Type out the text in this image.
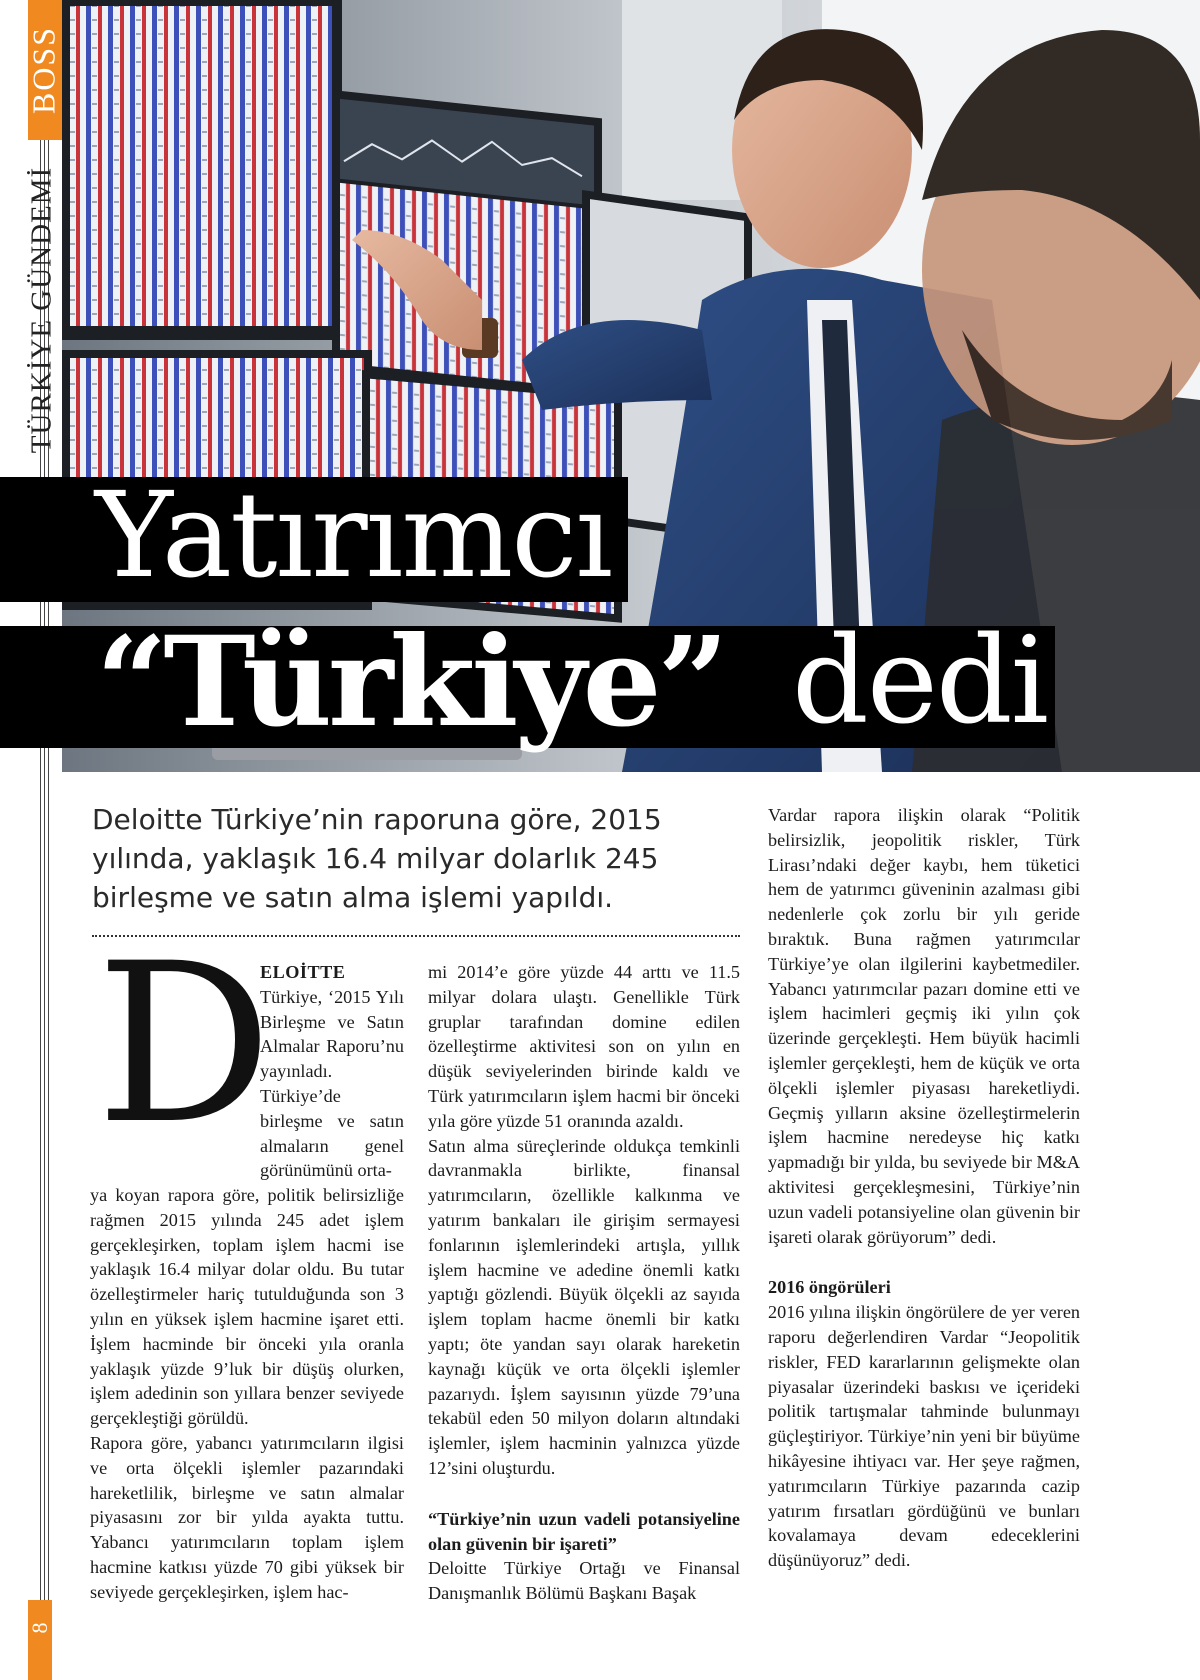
BOSS
TÜRKİYE GÜNDEMİ
8
Yatırımcı
“Türkiye” dedi
Deloitte Türkiye’nin raporuna göre, 2015 yılında, yaklaşık 16.4 milyar dolarlık 245 birleşme ve satın alma işlemi yapıldı.
D

ELOİTTE Türkiye, ‘2015 Yılı Birleşme ve Satın Almalar Raporu’nu yayınladı. Türkiye’de birleşme ve satın almaların genel görünümünü orta-

ya koyan rapora göre, politik belirsizliğe rağmen 2015 yılında 245 adet işlem gerçekleşirken, toplam işlem hacmi ise yaklaşık 16.4 milyar dolar oldu. Bu tutar özelleştirmeler hariç tutulduğunda son 3 yılın en yüksek işlem hacmine işaret etti. İşlem hacminde bir önceki yıla oranla yaklaşık yüzde 9’luk bir düşüş olurken, işlem adedinin son yıllara benzer seviyede gerçekleştiği görüldü.

Rapora göre, yabancı yatırımcıların ilgisi ve orta ölçekli işlemler pazarındaki hareketlilik, birleşme ve satın almalar piyasasını zor bir yılda ayakta tuttu. Yabancı yatırımcıların toplam işlem hacmine katkısı yüzde 70 gibi yüksek bir seviyede gerçekleşirken, işlem hac-

mi 2014’e göre yüzde 44 arttı ve 11.5 milyar dolara ulaştı. Genellikle Türk gruplar tarafından domine edilen özelleştirme aktivitesi son on yılın en düşük seviyelerinden birinde kaldı ve Türk yatırımcıların işlem hacmi bir önceki yıla göre yüzde 51 oranında azaldı.

Satın alma süreçlerinde oldukça temkinli davranmakla birlikte, finansal yatırımcıların, özellikle kalkınma ve yatırım bankaları ile girişim sermayesi fonlarının işlemlerindeki artışla, yıllık işlem hacmine ve adedine önemli katkı yaptığı gözlendi. Büyük ölçekli az sayıda işlem toplam hacme önemli bir katkı yaptı; öte yandan sayı olarak hareketin kaynağı küçük ve orta ölçekli işlemler pazarıydı. İşlem sayısının yüzde 79’una tekabül eden 50 milyon doların altındaki işlemler, işlem hacminin yalnızca yüzde 12’sini oluşturdu.

“Türkiye’nin uzun vadeli potansiyeline olan güvenin bir işareti”

Deloitte Türkiye Ortağı ve Finansal Danışmanlık Bölümü Başkanı Başak

Vardar rapora ilişkin olarak “Politik belirsizlik, jeopolitik riskler, Türk Lirası’ndaki değer kaybı, hem tüketici hem de yatırımcı güveninin azalması gibi nedenlerle çok zorlu bir yılı geride bıraktık. Buna rağmen yatırımcılar Türkiye’ye olan ilgilerini kaybetmediler. Yabancı yatırımcılar pazarı domine etti ve işlem hacimleri geçmiş iki yılın çok üzerinde gerçekleşti. Hem büyük hacimli işlemler gerçekleşti, hem de küçük ve orta ölçekli işlemler piyasası hareketliydi. Geçmiş yılların aksine özelleştirmelerin işlem hacmine neredeyse hiç katkı yapmadığı bir yılda, bu seviyede bir M&A aktivitesi gerçekleşmesini, Türkiye’nin uzun vadeli potansiyeline olan güvenin bir işareti olarak görüyorum” dedi.

2016 öngörüleri

2016 yılına ilişkin öngörülere de yer veren raporu değerlendiren Vardar “Jeopolitik riskler, FED kararlarının gelişmekte olan piyasalar üzerindeki baskısı ve içerideki politik tartışmalar tahminde bulunmayı güçleştiriyor. Türkiye’nin yeni bir büyüme hikâyesine ihtiyacı var. Her şeye rağmen, yatırımcıların Türkiye pazarında cazip yatırım fırsatları gördüğünü ve bunları kovalamaya devam edeceklerini düşünüyoruz” dedi.
